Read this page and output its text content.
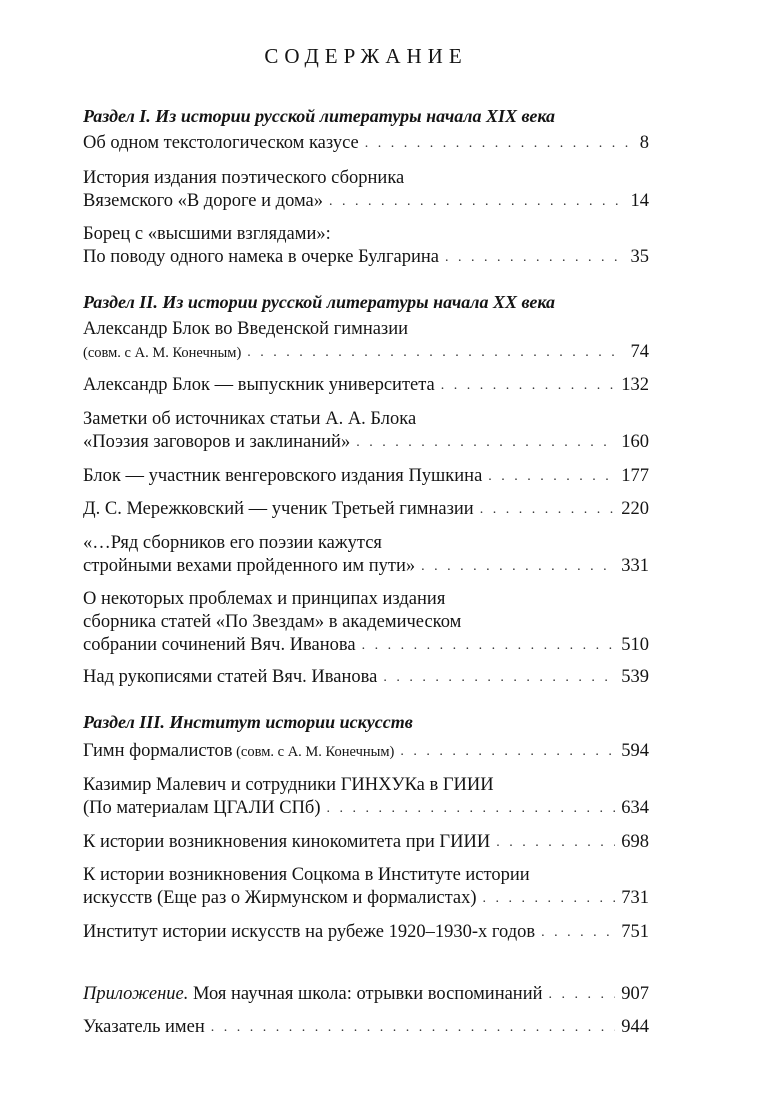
СОДЕРЖАНИЕ
Раздел I. Из истории русской литературы начала XIX века
Об одном текстологическом казусе . . .	8
История издания поэтического сборника
Вяземского «В дороге и дома» . . .	14
Борец с «высшими взглядами»:
По поводу одного намека в очерке Булгарина . . .	35
Раздел II. Из истории русской литературы начала XX века
Александр Блок во Введенской гимназии
(совм. с А. М. Конечным) . . .	74
Александр Блок — выпускник университета . . .	132
Заметки об источниках статьи А. А. Блока
«Поэзия заговоров и заклинаний» . . .	160
Блок — участник венгеровского издания Пушкина . . .	177
Д. С. Мережковский — ученик Третьей гимназии . . .	220
«…Ряд сборников его поэзии кажутся
стройными вехами пройденного им пути» . . .	331
О некоторых проблемах и принципах издания
сборника статей «По Звездам» в академическом
собрании сочинений Вяч. Иванова . . .	510
Над рукописями статей Вяч. Иванова . . .	539
Раздел III. Институт истории искусств
Гимн формалистов (совм. с А. М. Конечным) . . .	594
Казимир Малевич и сотрудники ГИНХУКа в ГИИИ
(По материалам ЦГАЛИ СПб) . . .	634
К истории возникновения кинокомитета при ГИИИ . . .	698
К истории возникновения Соцкома в Институте истории
искусств (Еще раз о Жирмунском и формалистах) . . .	731
Институт истории искусств на рубеже 1920–1930-х годов . . .	751
Приложение. Моя научная школа: отрывки воспоминаний . . .	907
Указатель имен . . .	944
